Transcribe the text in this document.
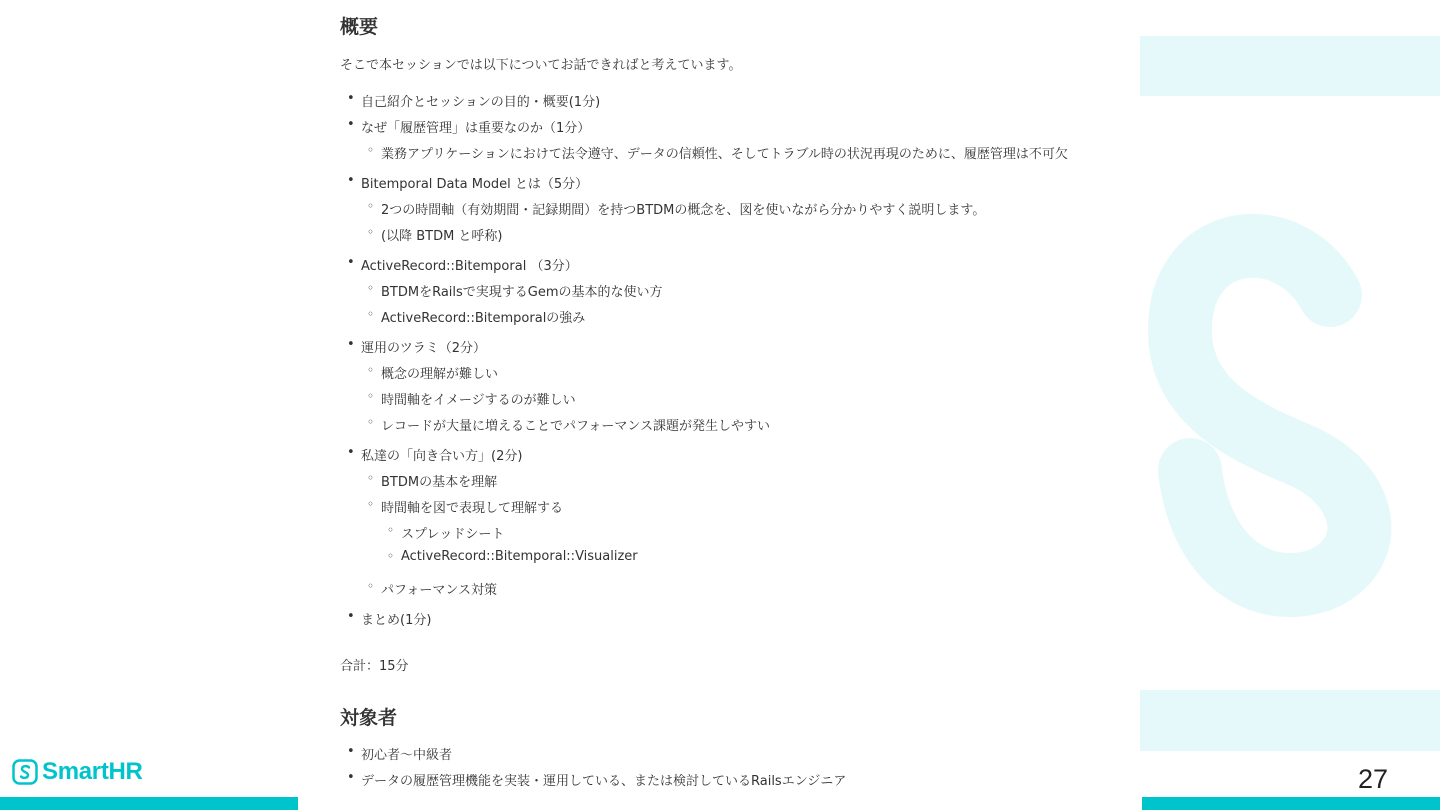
SmartHR	27
概要
そこで本セッションでは以下についてお話できればと考えています。
•
自己紹介とセッションの目的・概要(1分)
•
なぜ「履歴管理」は重要なのか（1分）
◦
業務アプリケーションにおけて法令遵守、データの信頼性、そしてトラブル時の状況再現のために、履歴管理は不可欠
•
Bitemporal Data Model とは（5分）
◦
2つの時間軸（有効期間・記録期間）を持つBTDMの概念を、図を使いながら分かりやすく説明します。
◦
(以降 BTDM と呼称)
•
ActiveRecord::Bitemporal （3分）
◦
BTDMをRailsで実現するGemの基本的な使い方
◦
ActiveRecord::Bitemporalの強み
•
運用のツラミ（2分）
◦
概念の理解が難しい
◦
時間軸をイメージするのが難しい
◦
レコードが大量に増えることでパフォーマンス課題が発生しやすい
•
私達の「向き合い方」(2分)
◦
BTDMの基本を理解
◦
時間軸を図で表現して理解する
◦
スプレッドシート
◦
ActiveRecord::Bitemporal::Visualizer
◦
パフォーマンス対策
•
まとめ(1分)
合計：15分
対象者
•
初心者〜中級者
•
データの履歴管理機能を実装・運用している、または検討しているRailsエンジニア
